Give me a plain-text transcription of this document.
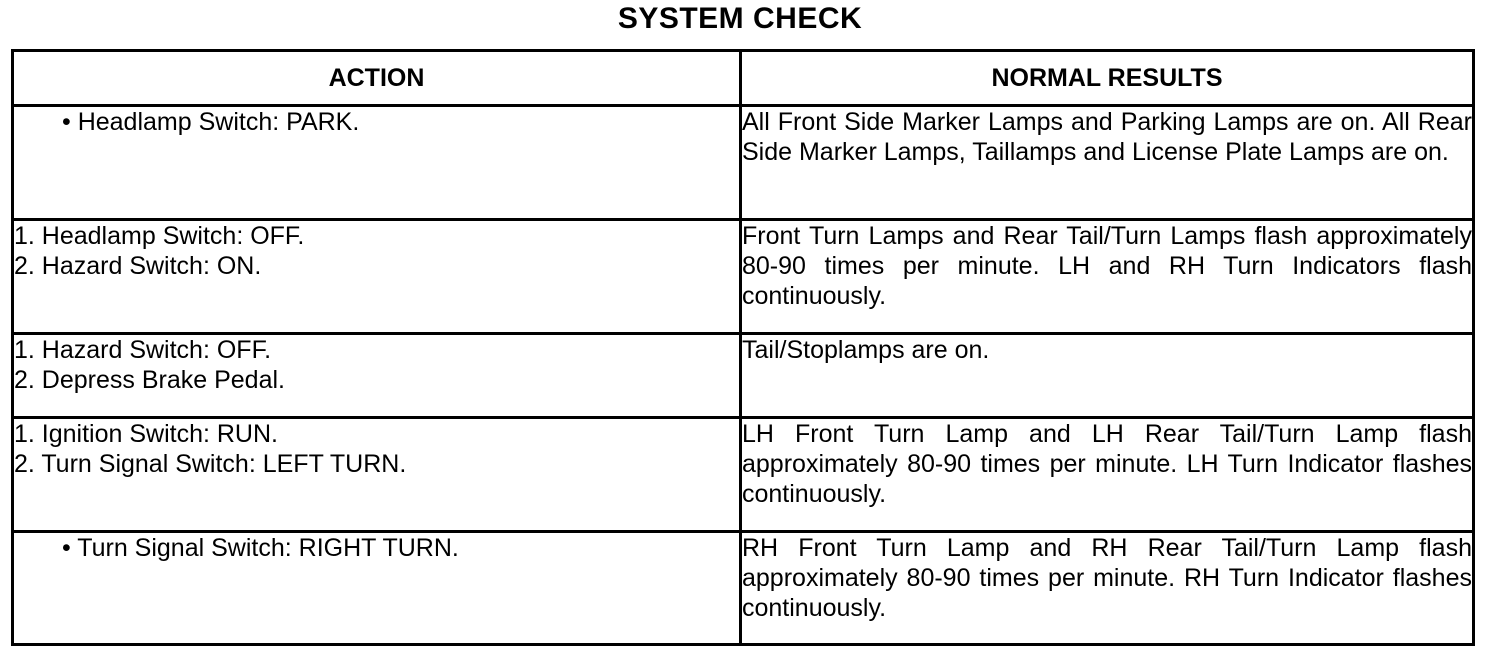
SYSTEM CHECK
ACTION	NORMAL RESULTS

• Headlamp Switch: PARK.	All Front Side Marker Lamps and Parking Lamps are on. All Rear Side Marker Lamps, Taillamps and License Plate Lamps are on.

1. Headlamp Switch: OFF.
2. Hazard Switch: ON.	Front Turn Lamps and Rear Tail/Turn Lamps flash approximately 80-90 times per minute. LH and RH Turn Indicators flash continuously.

1. Hazard Switch: OFF.
2. Depress Brake Pedal.	Tail/Stoplamps are on.

1. Ignition Switch: RUN.
2. Turn Signal Switch: LEFT TURN.	LH Front Turn Lamp and LH Rear Tail/Turn Lamp flash approximately 80-90 times per minute. LH Turn Indicator flashes continuously.

• Turn Signal Switch: RIGHT TURN.	RH Front Turn Lamp and RH Rear Tail/Turn Lamp flash approximately 80-90 times per minute. RH Turn Indicator flashes continuously.
